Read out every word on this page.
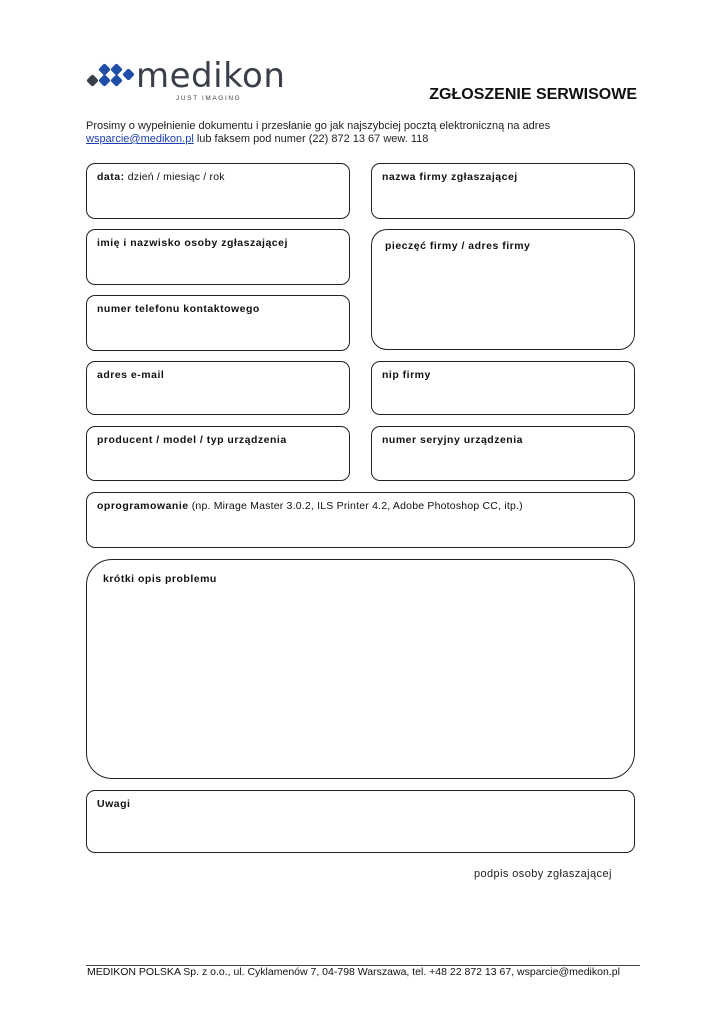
medikon
JUST IMAGING	ZGŁOSZENIE SERWISOWE
Prosimy o wypełnienie dokumentu i przesłanie go jak najszybciej pocztą elektroniczną na adres
wsparcie@medikon.pl lub faksem pod numer (22) 872 13 67 wew. 118
data: dzień / miesiąc / rok	nazwa firmy zgłaszającej
imię i nazwisko osoby zgłaszającej	pieczęć firmy / adres firmy
numer telefonu kontaktowego
adres e-mail	nip firmy
producent / model / typ urządzenia	numer seryjny urządzenia
oprogramowanie (np. Mirage Master 3.0.2, ILS Printer 4.2, Adobe Photoshop CC, itp.)
krótki opis problemu
Uwagi
podpis osoby zgłaszającej
MEDIKON POLSKA Sp. z o.o., ul. Cyklamenów 7, 04-798 Warszawa, tel. +48 22 872 13 67, wsparcie@medikon.pl
